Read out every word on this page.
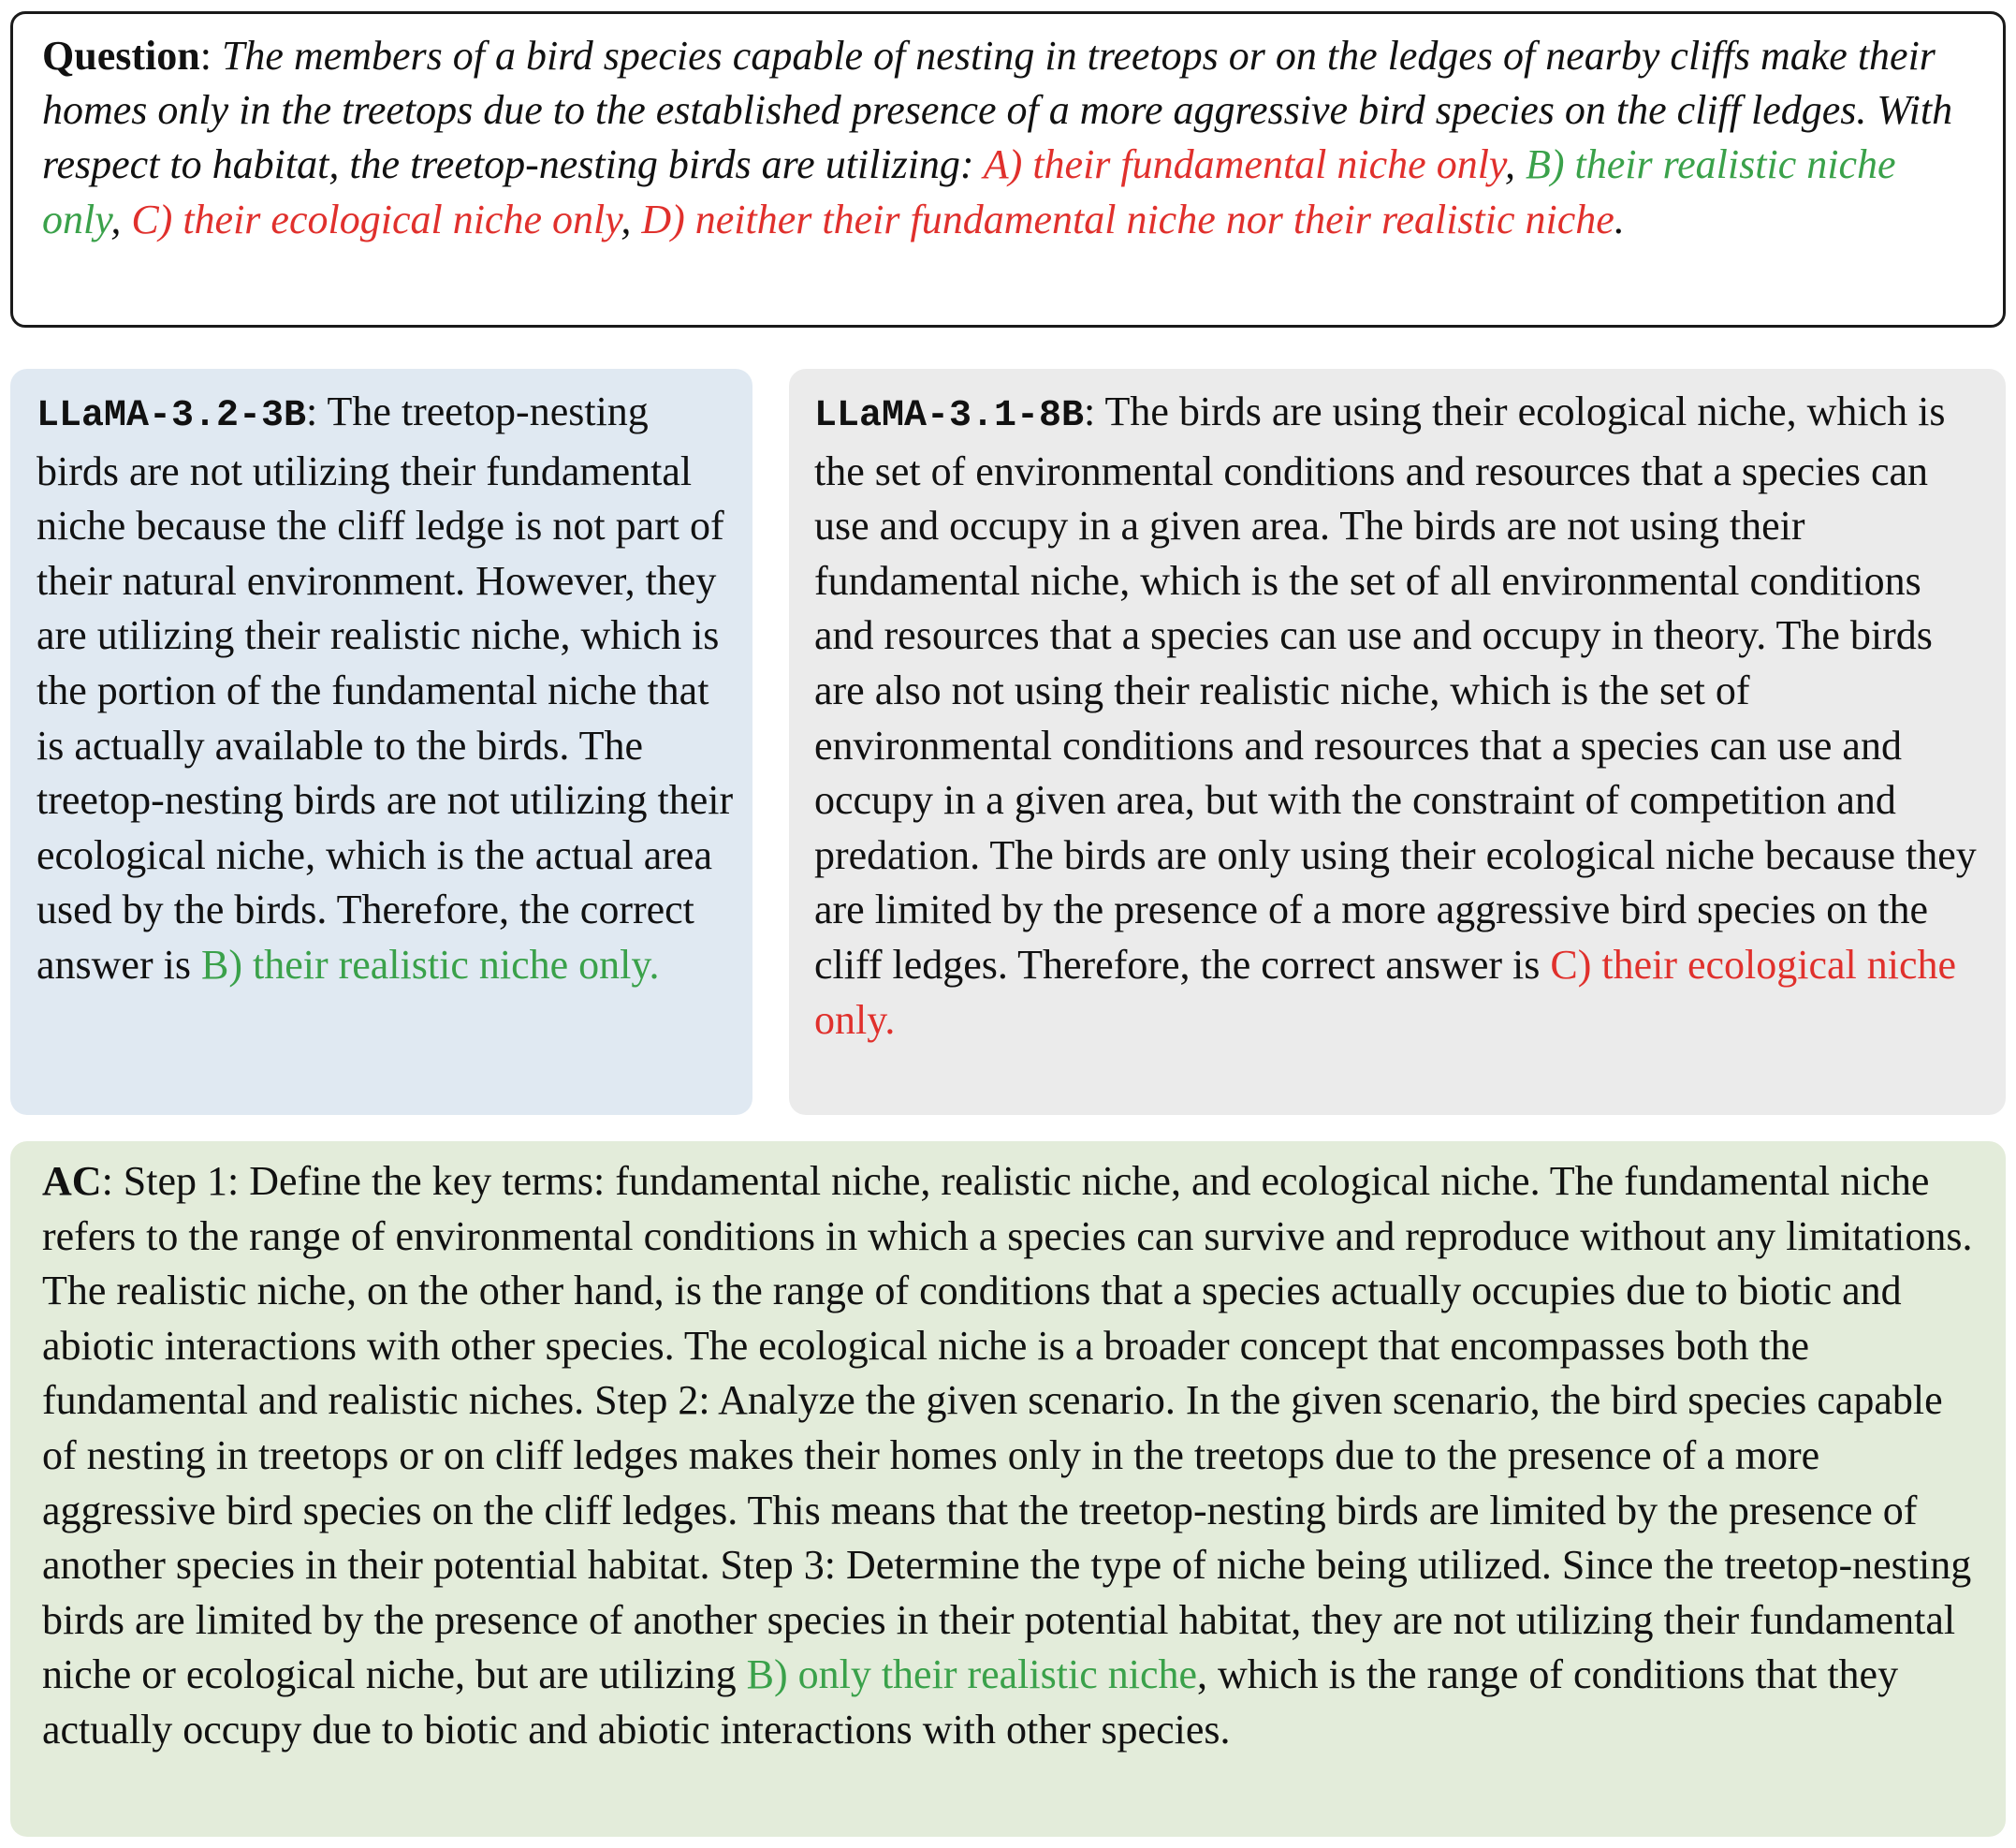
Question: The members of a bird species capable of nesting in treetops or on the ledges of nearby cliffs make their homes only in the treetops due to the established presence of a more aggressive bird species on the cliff ledges. With respect to habitat, the treetop-nesting birds are utilizing: A) their fundamental niche only, B) their realistic niche only, C) their ecological niche only, D) neither their fundamental niche nor their realistic niche.

LLaMA-3.2-3B: The treetop-nesting birds are not utilizing their fundamental niche because the cliff ledge is not part of their natural environment. However, they are utilizing their realistic niche, which is the portion of the fundamental niche that is actually available to the birds. The treetop-nesting birds are not utilizing their ecological niche, which is the actual area used by the birds. Therefore, the correct answer is B) their realistic niche only.

LLaMA-3.1-8B: The birds are using their ecological niche, which is the set of environmental conditions and resources that a species can use and occupy in a given area. The birds are not using their fundamental niche, which is the set of all environmental conditions and resources that a species can use and occupy in theory. The birds are also not using their realistic niche, which is the set of environmental conditions and resources that a species can use and occupy in a given area, but with the constraint of competition and predation. The birds are only using their ecological niche because they are limited by the presence of a more aggressive bird species on the cliff ledges. Therefore, the correct answer is C) their ecological niche only.

AC: Step 1: Define the key terms: fundamental niche, realistic niche, and ecological niche. The fundamental niche refers to the range of environmental conditions in which a species can survive and reproduce without any limitations. The realistic niche, on the other hand, is the range of conditions that a species actually occupies due to biotic and abiotic interactions with other species. The ecological niche is a broader concept that encompasses both the fundamental and realistic niches. Step 2: Analyze the given scenario. In the given scenario, the bird species capable of nesting in treetops or on cliff ledges makes their homes only in the treetops due to the presence of a more aggressive bird species on the cliff ledges. This means that the treetop-nesting birds are limited by the presence of another species in their potential habitat. Step 3: Determine the type of niche being utilized. Since the treetop-nesting birds are limited by the presence of another species in their potential habitat, they are not utilizing their fundamental niche or ecological niche, but are utilizing B) only their realistic niche, which is the range of conditions that they actually occupy due to biotic and abiotic interactions with other species.
